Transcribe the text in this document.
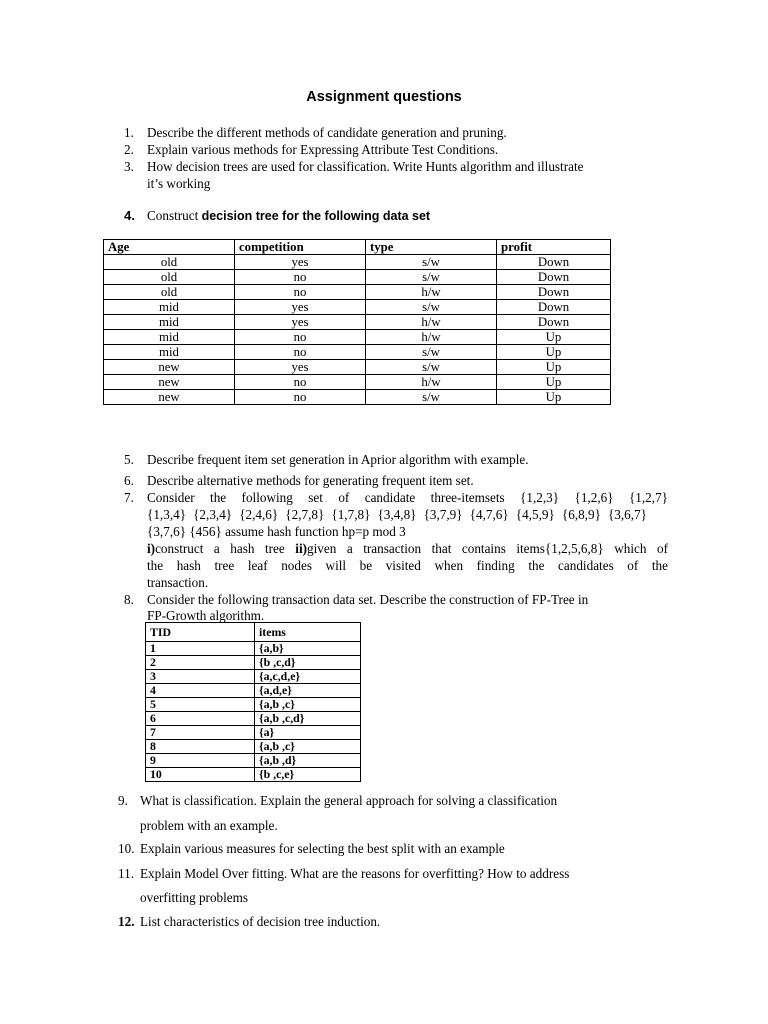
Assignment questions
1. Describe the different methods of candidate generation and pruning.
2. Explain various methods for Expressing Attribute Test Conditions.
3. How decision trees are used for classification. Write Hunts algorithm and illustrate
it’s working
4. Construct decision tree for the following data set
Age	competition	type	profit
old	yes	s/w	Down
old	no	s/w	Down
old	no	h/w	Down
mid	yes	s/w	Down
mid	yes	h/w	Down
mid	no	h/w	Up
mid	no	s/w	Up
new	yes	s/w	Up
new	no	h/w	Up
new	no	s/w	Up
5. Describe frequent item set generation in Aprior algorithm with example.
6. Describe alternative methods for generating frequent item set.
7. Consider the following set of candidate three-itemsets {1,2,3} {1,2,6} {1,2,7}
{1,3,4} {2,3,4} {2,4,6} {2,7,8} {1,7,8} {3,4,8} {3,7,9} {4,7,6} {4,5,9} {6,8,9} {3,6,7}
{3,7,6} {456} assume hash function hp=p mod 3
i)construct a hash tree ii)given a transaction that contains items{1,2,5,6,8} which of
the hash tree leaf nodes will be visited when finding the candidates of the
transaction.
8. Consider the following transaction data set. Describe the construction of FP-Tree in
FP-Growth algorithm.
TID	items
1	{a,b}
2	{b ,c,d}
3	{a,c,d,e}
4	{a,d,e}
5	{a,b ,c}
6	{a,b ,c,d}
7	{a}
8	{a,b ,c}
9	{a,b ,d}
10	{b ,c,e}
9. What is classification. Explain the general approach for solving a classification
problem with an example.
10. Explain various measures for selecting the best split with an example
11. Explain Model Over fitting. What are the reasons for overfitting? How to address
overfitting problems
12. List characteristics of decision tree induction.
